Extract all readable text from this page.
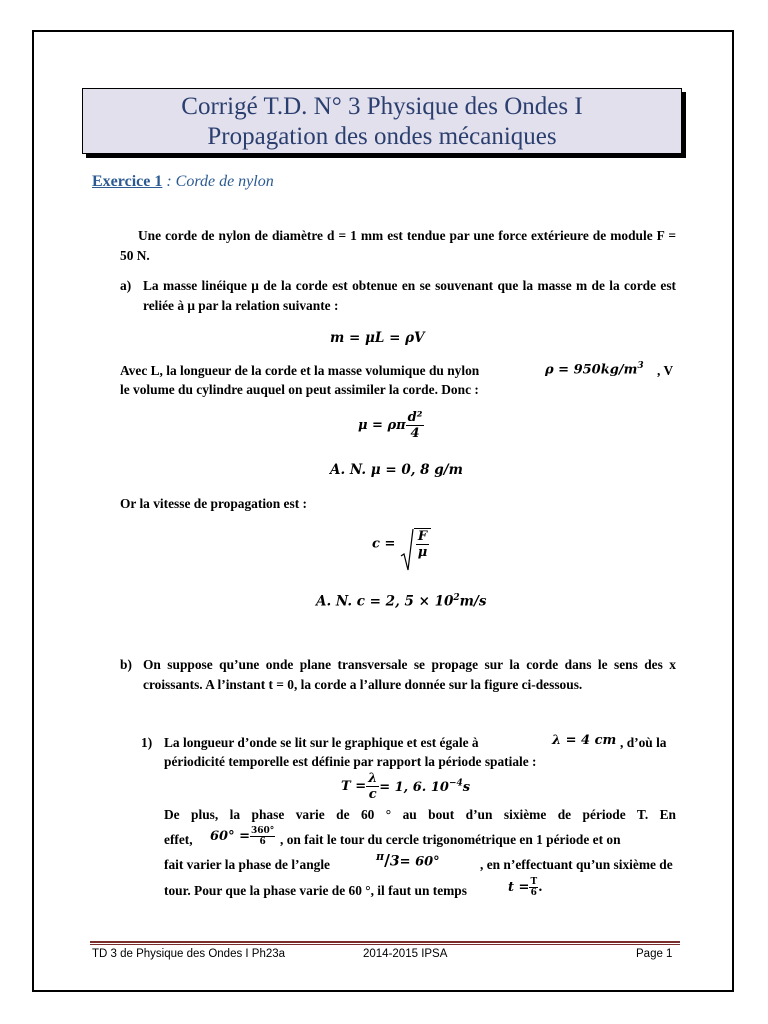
Corrigé T.D. N° 3 Physique des Ondes I
Propagation des ondes mécaniques
Exercice 1 : Corde de nylon
Une corde de nylon de diamètre d = 1 mm est tendue par une force extérieure de module F = 50 N.
a) La masse linéique μ de la corde est obtenue en se souvenant que la masse m de la corde est reliée à μ par la relation suivante :
m = μL = ρV
Avec L, la longueur de la corde et la masse volumique du nylon	$\rho = 950kg/m^3$ , V
le volume du cylindre auquel on peut assimiler la corde. Donc :
μ = ρπ $\frac{\text{d²}}{4}$
A. N. μ = 0, 8 g/m
Or la vitesse de propagation est :
$c = \frac{F}{\mu}$
A. N. c = 2, $5 \times 10^2m/s$
b) On suppose qu’une onde plane transversale se propage sur la corde dans le sens des x croissants. A l’instant t = 0, la corde a l’allure donnée sur la figure ci-dessous.
1) La longueur d’onde se lit sur le graphique et est égale à	λ = 4 cm , d’où la
périodicité temporelle est définie par rapport la période spatiale :
$T = \frac{\lambda}{c} = 1$, 6. $10^{-4}s$
De plus, la phase varie de 60 ° au bout d’un sixième de période T. En
effet, $60^\circ = \frac{360^\circ}{6}$ , on fait le tour du cercle trigonométrique en 1 période et on
fait varier la phase de l’angle
$^\pi$/3= 60°	, en n’effectuant qu’un sixième de
tour. Pour que la phase varie de 60 °, il faut un temps	$t = \frac{T}{6}$ .
TD 3 de Physique des Ondes I Ph23a	2014-2015 IPSA	Page 1
